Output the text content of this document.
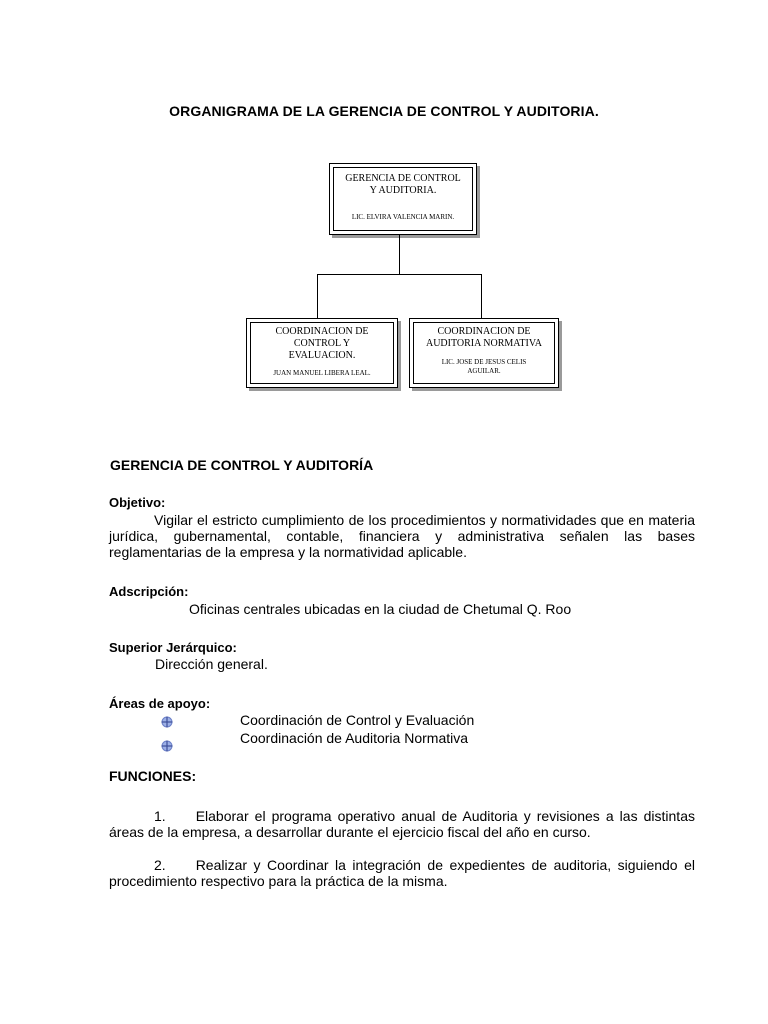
ORGANIGRAMA DE LA GERENCIA DE CONTROL Y AUDITORIA.
GERENCIA DE CONTROL
Y AUDITORIA.
LIC. ELVIRA VALENCIA MARIN.
COORDINACION DE
CONTROL Y
EVALUACION.
JUAN MANUEL LIBERA LEAL.
COORDINACION DE
AUDITORIA NORMATIVA
LIC. JOSE DE JESUS CELIS
AGUILAR.
GERENCIA DE CONTROL Y AUDITORÍA
Objetivo:
Vigilar el estricto cumplimiento de los procedimientos y normatividades que en materia jurídica, gubernamental, contable, financiera y administrativa señalen las bases reglamentarias de la empresa y la normatividad aplicable.
Adscripción:
Oficinas centrales ubicadas en la ciudad de Chetumal Q. Roo
Superior Jerárquico:
Dirección general.
Áreas de apoyo:
Coordinación de Control y Evaluación
Coordinación de Auditoria Normativa
FUNCIONES:
1. Elaborar el programa operativo anual de Auditoria y revisiones a las distintas áreas de la empresa, a desarrollar durante el ejercicio fiscal del año en curso.
2. Realizar y Coordinar la integración de expedientes de auditoria, siguiendo el procedimiento respectivo para la práctica de la misma.
